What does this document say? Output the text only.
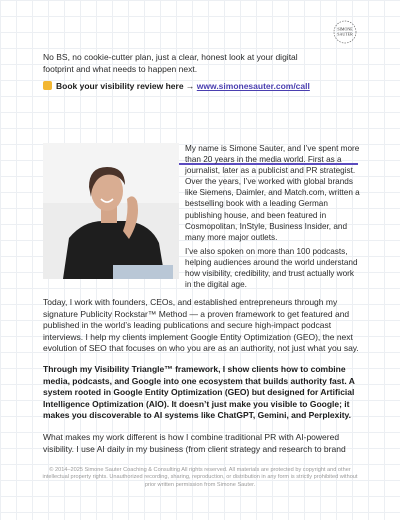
SIMONE
SAUTER

No BS, no cookie-cutter plan, just a clear, honest look at your digital footprint and what needs to happen next.

Book your visibility review here → www.simonesauter.com/call

My name is Simone Sauter, and I’ve spent more than 20 years in the media world. First as a journalist, later as a publicist and PR strategist. Over the years, I’ve worked with global brands like Siemens, Daimler, and Match.com, written a bestselling book with a leading German publishing house, and been featured in Cosmopolitan, InStyle, Business Insider, and many more major outlets.

I’ve also spoken on more than 100 podcasts, helping audiences around the world understand how visibility, credibility, and trust actually work in the digital age.

Today, I work with founders, CEOs, and established entrepreneurs through my signature Publicity Rockstar™ Method — a proven framework to get featured and published in the world’s leading publications and secure high-impact podcast interviews. I help my clients implement Google Entity Optimization (GEO), the next evolution of SEO that focuses on who you are as an authority, not just what you say.

Through my Visibility Triangle™ framework, I show clients how to combine media, podcasts, and Google into one ecosystem that builds authority fast. A system rooted in Google Entity Optimization (GEO) but designed for Artificial Intelligence Optimization (AIO). It doesn’t just make you visible to Google; it makes you discoverable to AI systems like ChatGPT, Gemini, and Perplexity.

What makes my work different is how I combine traditional PR with AI-powered visibility. I use AI daily in my business (from client strategy and research to brand

© 2014–2025 Simone Sauter Coaching & Consulting All rights reserved. All materials are protected by copyright and other intellectual property rights. Unauthorized recording, sharing, reproduction, or distribution in any form is strictly prohibited without prior written permission from Simone Sauter.
